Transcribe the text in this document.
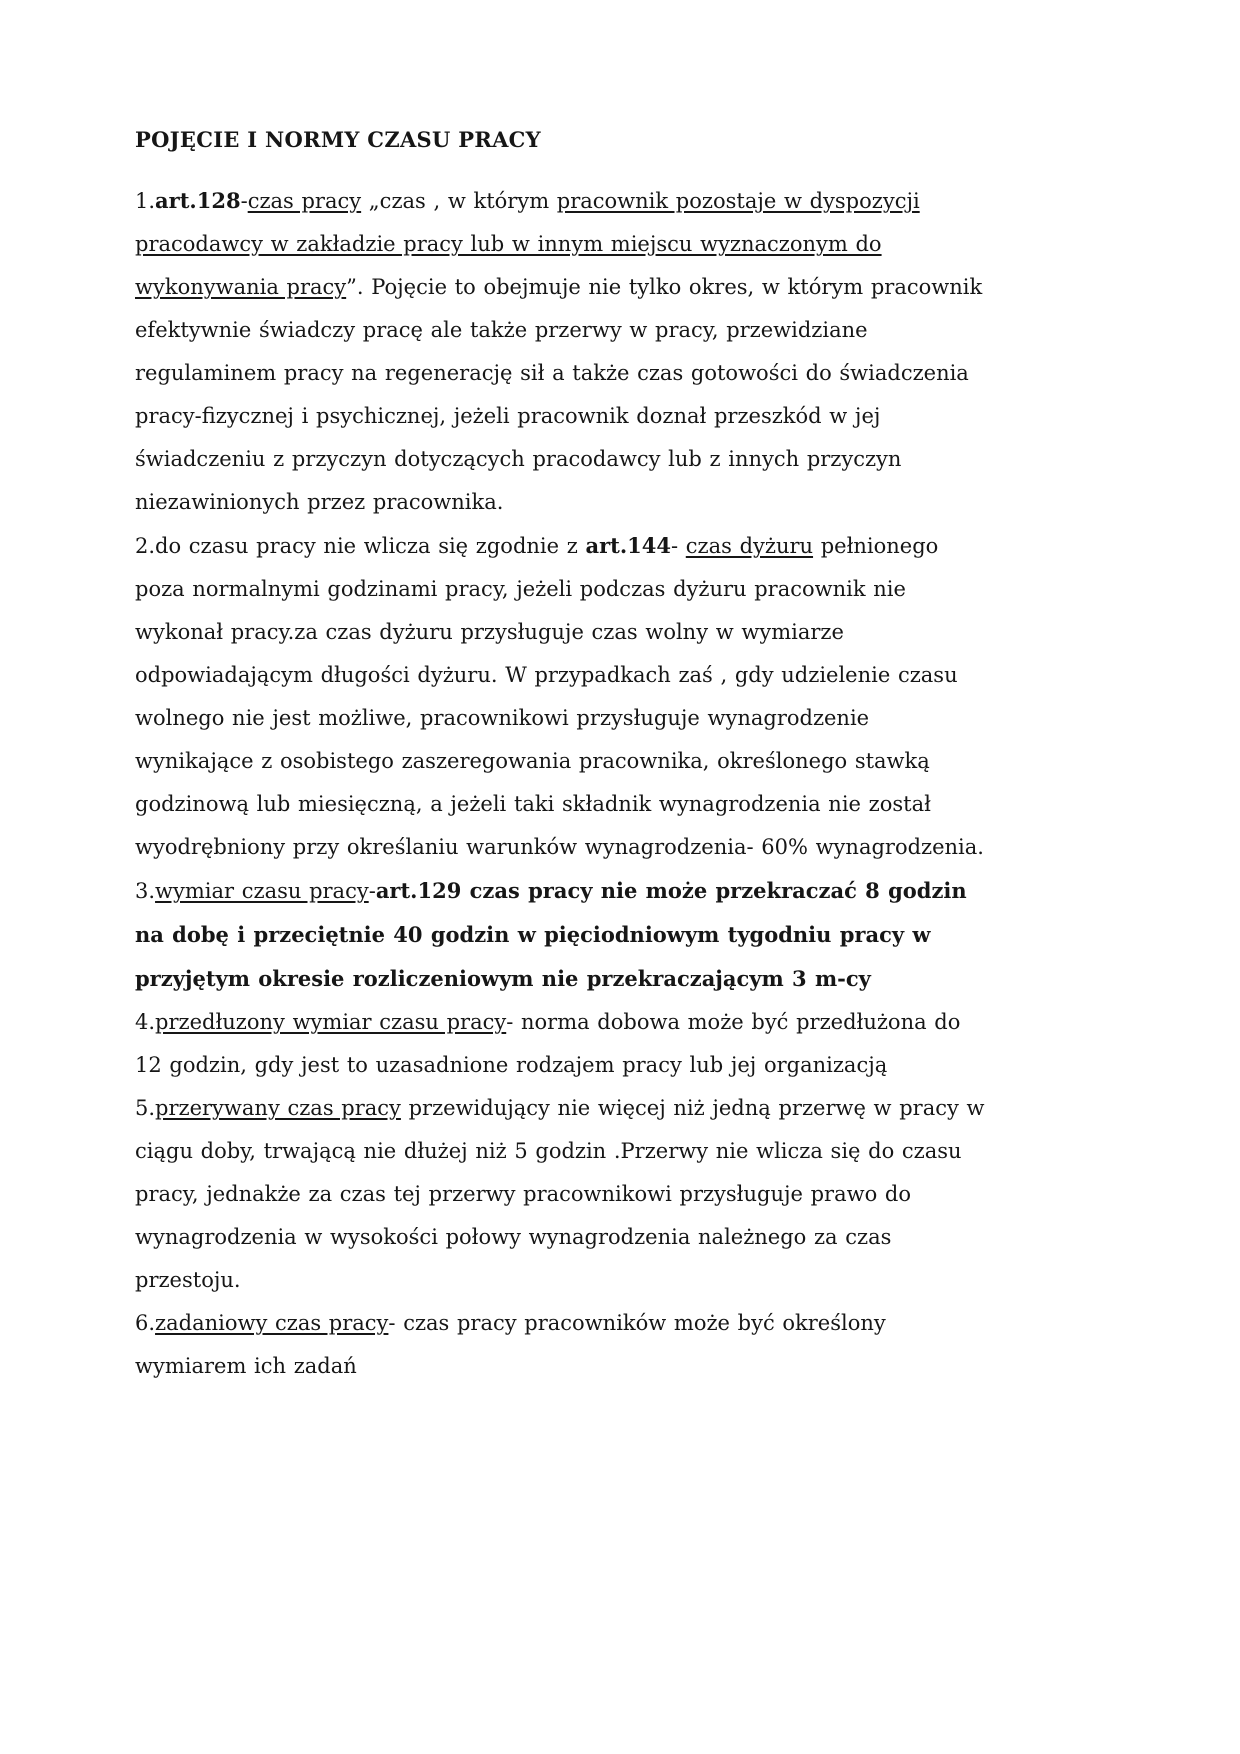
POJĘCIE I NORMY CZASU PRACY

1.art.128-czas pracy „czas , w którym pracownik pozostaje w dyspozycji pracodawcy w zakładzie pracy lub w innym miejscu wyznaczonym do wykonywania pracy”. Pojęcie to obejmuje nie tylko okres, w którym pracownik efektywnie świadczy pracę ale także przerwy w pracy, przewidziane regulaminem pracy na regenerację sił a także czas gotowości do świadczenia pracy-fizycznej i psychicznej, jeżeli pracownik doznał przeszkód w jej świadczeniu z przyczyn dotyczących pracodawcy lub z innych przyczyn niezawinionych przez pracownika.

2.do czasu pracy nie wlicza się zgodnie z art.144- czas dyżuru pełnionego poza normalnymi godzinami pracy, jeżeli podczas dyżuru pracownik nie wykonał pracy.za czas dyżuru przysługuje czas wolny w wymiarze odpowiadającym długości dyżuru. W przypadkach zaś , gdy udzielenie czasu wolnego nie jest możliwe, pracownikowi przysługuje wynagrodzenie wynikające z osobistego zaszeregowania pracownika, określonego stawką godzinową lub miesięczną, a jeżeli taki składnik wynagrodzenia nie został wyodrębniony przy określaniu warunków wynagrodzenia- 60% wynagrodzenia.

3.wymiar czasu pracy-art.129 czas pracy nie może przekraczać 8 godzin na dobę i przeciętnie 40 godzin w pięciodniowym tygodniu pracy w przyjętym okresie rozliczeniowym nie przekraczającym 3 m-cy

4.przedłuzony wymiar czasu pracy- norma dobowa może być przedłużona do 12 godzin, gdy jest to uzasadnione rodzajem pracy lub jej organizacją

5.przerywany czas pracy przewidujący nie więcej niż jedną przerwę w pracy w ciągu doby, trwającą nie dłużej niż 5 godzin .Przerwy nie wlicza się do czasu pracy, jednakże za czas tej przerwy pracownikowi przysługuje prawo do wynagrodzenia w wysokości połowy wynagrodzenia należnego za czas przestoju.

6.zadaniowy czas pracy- czas pracy pracowników może być określony wymiarem ich zadań
